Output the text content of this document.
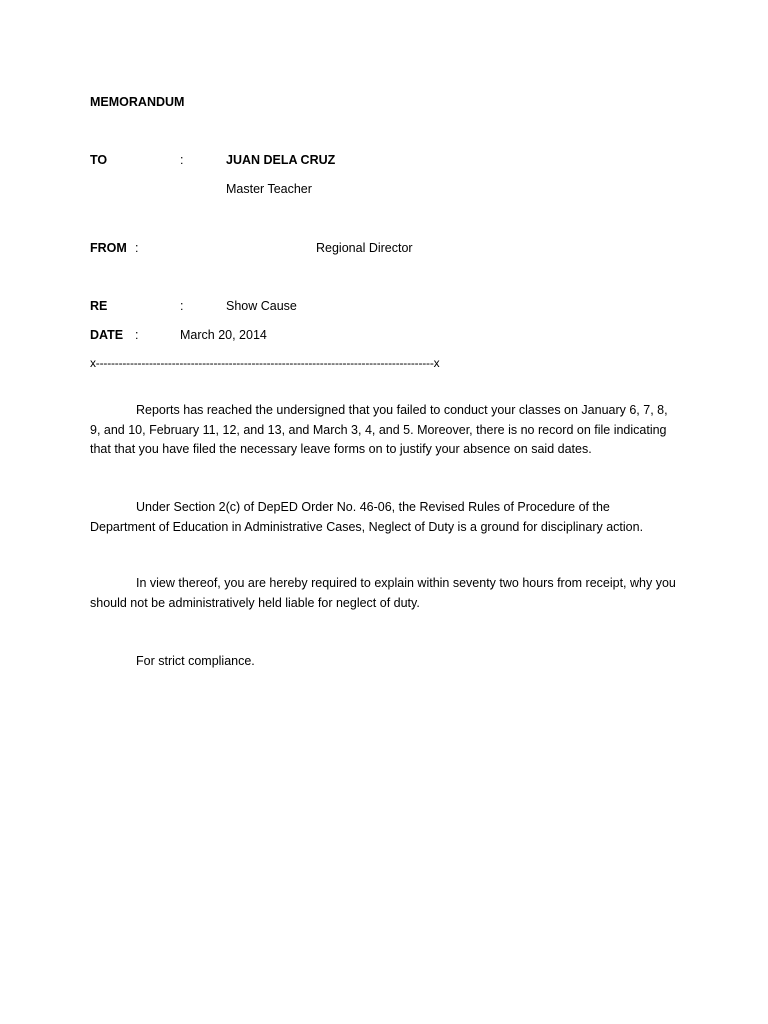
MEMORANDUM
TO	:	JUAN DELA CRUZ
Master Teacher
FROM :	Regional Director
RE	:	Show Cause
DATE :	March 20, 2014
x-----------------------------------------------------------------------------------------x

Reports has reached the undersigned that you failed to conduct your classes on January 6, 7, 8, 9, and 10, February 11, 12, and 13, and March 3, 4, and 5. Moreover, there is no record on file indicating that that you have filed the necessary leave forms on to justify your absence on said dates.

Under Section 2(c) of DepED Order No. 46-06, the Revised Rules of Procedure of the Department of Education in Administrative Cases, Neglect of Duty is a ground for disciplinary action.

In view thereof, you are hereby required to explain within seventy two hours from receipt, why you should not be administratively held liable for neglect of duty.

For strict compliance.
